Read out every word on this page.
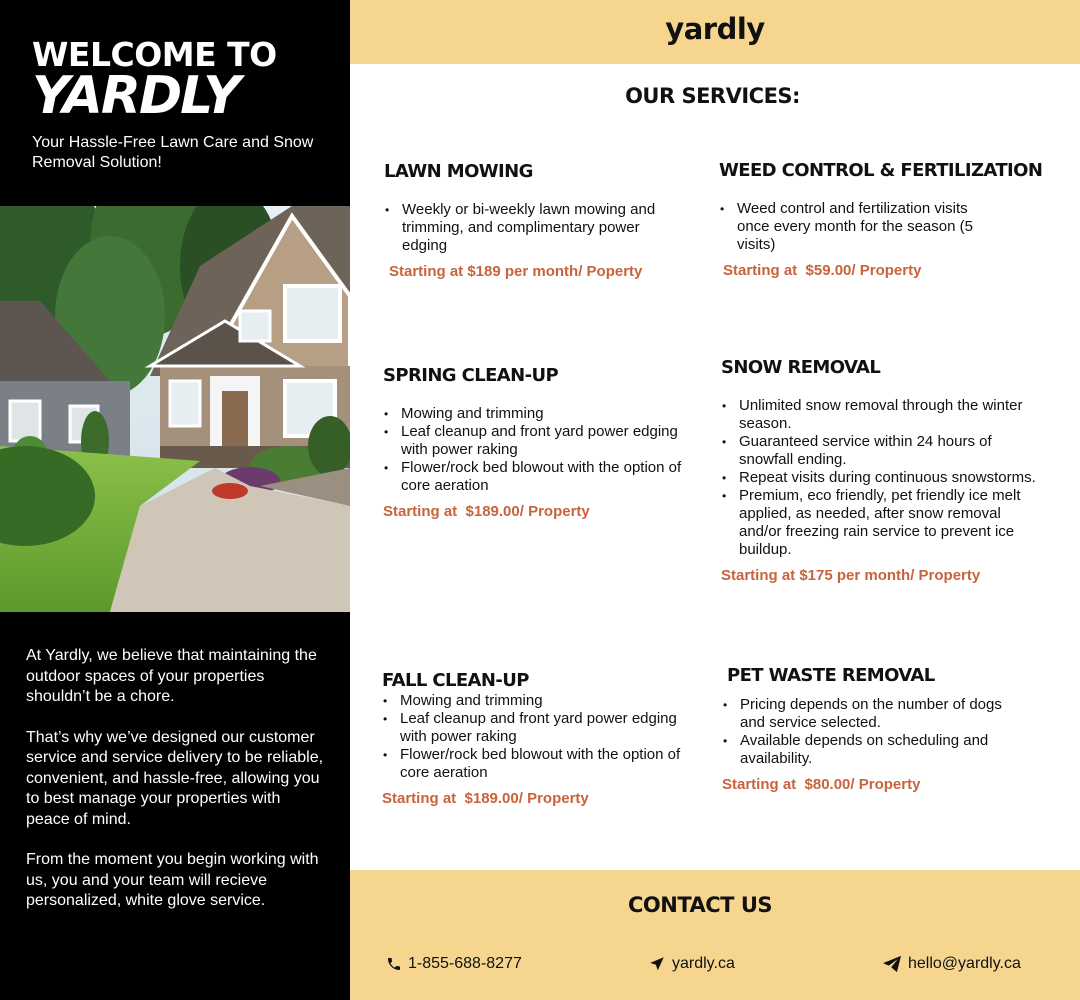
WELCOME TO
YARDLY
Your Hassle-Free Lawn Care and Snow Removal Solution!

At Yardly, we believe that maintaining the outdoor spaces of your properties shouldn’t be a chore.

That’s why we’ve designed our customer service and service delivery to be reliable, convenient, and hassle-free, allowing you to best manage your properties with peace of mind.

From the moment you begin working with us, you and your team will recieve personalized, white glove service.

yardly
OUR SERVICES:
LAWN MOWING
• Weekly or bi-weekly lawn mowing and trimming, and complimentary power edging
Starting at $189 per month/ Poperty
WEED CONTROL & FERTILIZATION
• Weed control and fertilization visits once every month for the season (5 visits)
Starting at  $59.00/ Property
SPRING CLEAN-UP
• Mowing and trimming
• Leaf cleanup and front yard power edging with power raking
• Flower/rock bed blowout with the option of core aeration
Starting at  $189.00/ Property
SNOW REMOVAL
• Unlimited snow removal through the winter season.
• Guaranteed service within 24 hours of snowfall ending.
• Repeat visits during continuous snowstorms.
• Premium, eco friendly, pet friendly ice melt applied, as needed, after snow removal and/or freezing rain service to prevent ice buildup.
Starting at $175 per month/ Property
FALL CLEAN-UP
• Mowing and trimming
• Leaf cleanup and front yard power edging with power raking
• Flower/rock bed blowout with the option of core aeration
Starting at  $189.00/ Property
PET WASTE REMOVAL
• Pricing depends on the number of dogs and service selected.
• Available depends on scheduling and availability.
Starting at  $80.00/ Property
CONTACT US
1-855-688-8277	yardly.ca	hello@yardly.ca
